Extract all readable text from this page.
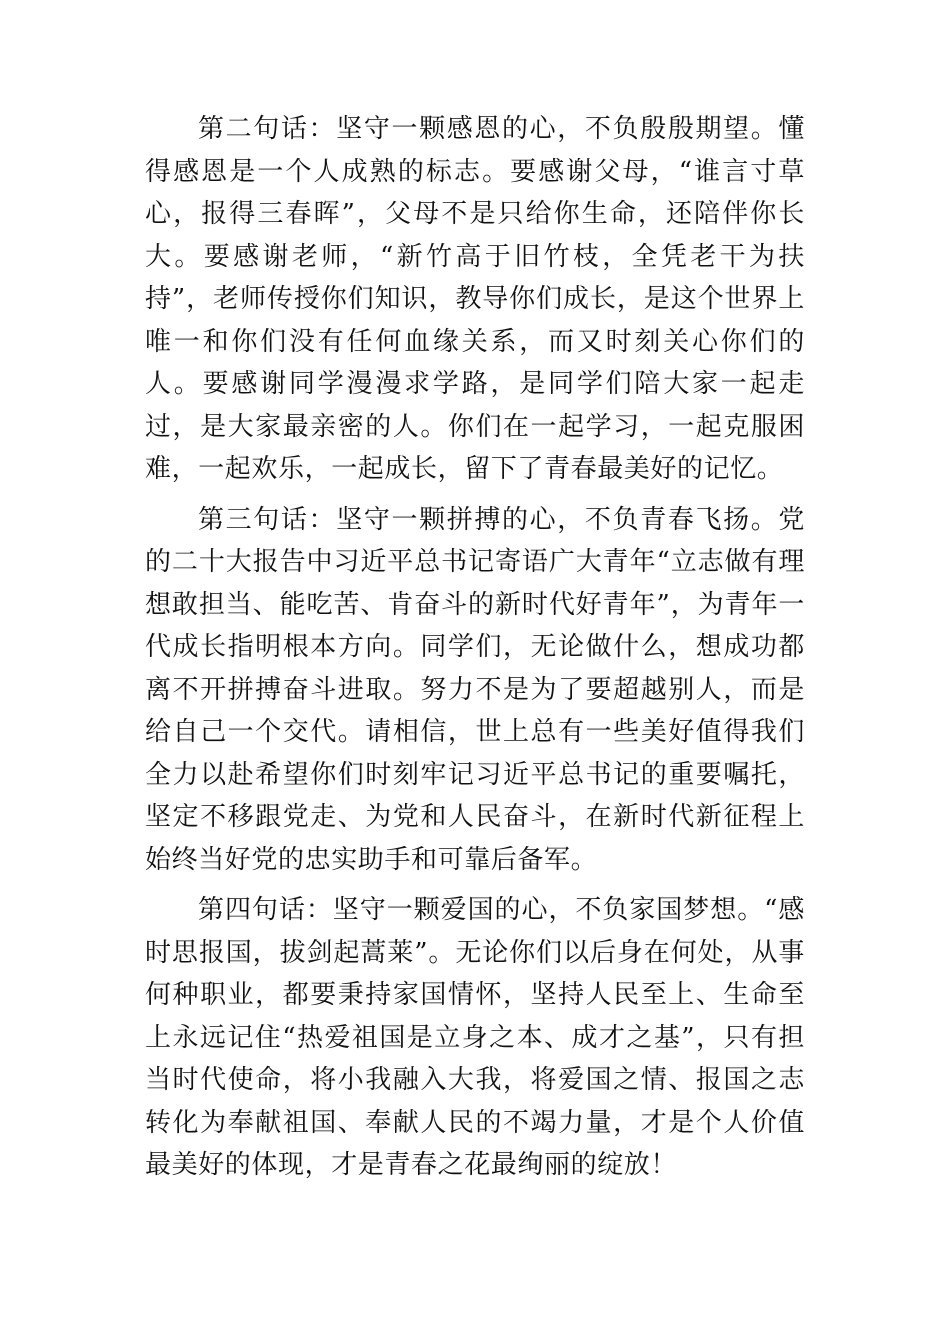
第二句话：坚守一颗感恩的心，不负殷殷期望。懂得感恩是一个人成熟的标志。要感谢父母，“谁言寸草心，报得三春晖”，父母不是只给你生命，还陪伴你长大。要感谢老师，“新竹高于旧竹枝，全凭老干为扶持”，老师传授你们知识，教导你们成长，是这个世界上唯一和你们没有任何血缘关系，而又时刻关心你们的人。要感谢同学漫漫求学路，是同学们陪大家一起走过，是大家最亲密的人。你们在一起学习，一起克服困难，一起欢乐，一起成长，留下了青春最美好的记忆。

第三句话：坚守一颗拼搏的心，不负青春飞扬。党的二十大报告中习近平总书记寄语广大青年“立志做有理想敢担当、能吃苦、肯奋斗的新时代好青年”，为青年一代成长指明根本方向。同学们，无论做什么，想成功都离不开拼搏奋斗进取。努力不是为了要超越别人，而是给自己一个交代。请相信，世上总有一些美好值得我们全力以赴希望你们时刻牢记习近平总书记的重要嘱托，坚定不移跟党走、为党和人民奋斗，在新时代新征程上始终当好党的忠实助手和可靠后备军。

第四句话：坚守一颗爱国的心，不负家国梦想。“感时思报国，拔剑起蒿莱”。无论你们以后身在何处，从事何种职业，都要秉持家国情怀，坚持人民至上、生命至上永远记住“热爱祖国是立身之本、成才之基”，只有担当时代使命，将小我融入大我，将爱国之情、报国之志转化为奉献祖国、奉献人民的不竭力量，才是个人价值最美好的体现，才是青春之花最绚丽的绽放！
